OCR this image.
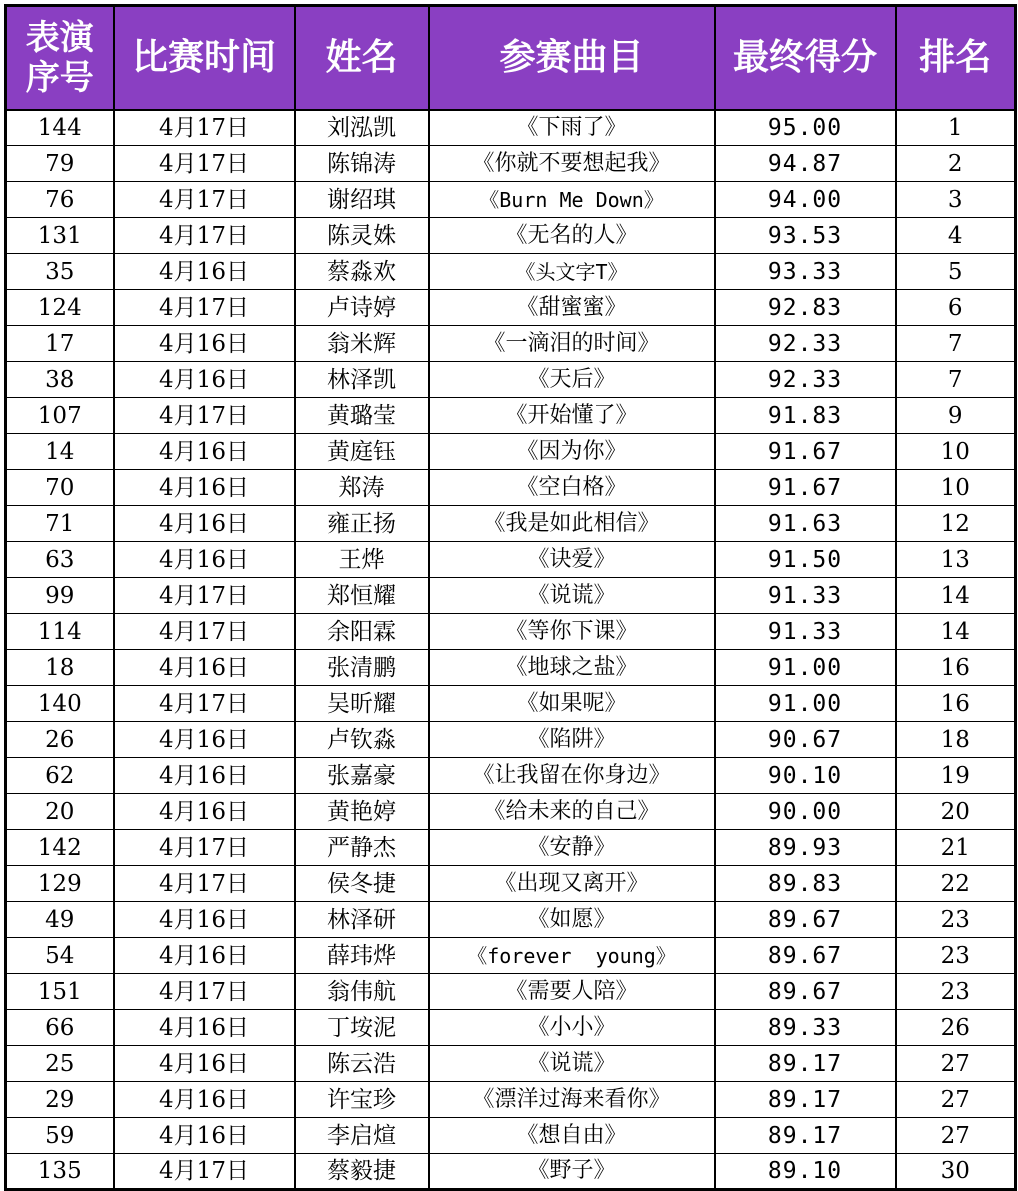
表演
序号	比赛时间	姓名	参赛曲目	最终得分	排名
144	4月17日	刘泓凯	《下雨了》	95.00	1
79	4月17日	陈锦涛	《你就不要想起我》	94.87	2
76	4月17日	谢绍琪	《Burn Me Down》	94.00	3
131	4月17日	陈灵姝	《无名的人》	93.53	4
35	4月16日	蔡淼欢	《头文字T》	93.33	5
124	4月17日	卢诗婷	《甜蜜蜜》	92.83	6
17	4月16日	翁米辉	《一滴泪的时间》	92.33	7
38	4月16日	林泽凯	《天后》	92.33	7
107	4月17日	黄璐莹	《开始懂了》	91.83	9
14	4月16日	黄庭钰	《因为你》	91.67	10
70	4月16日	郑涛	《空白格》	91.67	10
71	4月16日	雍正扬	《我是如此相信》	91.63	12
63	4月16日	王烨	《诀爱》	91.50	13
99	4月17日	郑恒耀	《说谎》	91.33	14
114	4月17日	余阳霖	《等你下课》	91.33	14
18	4月16日	张清鹏	《地球之盐》	91.00	16
140	4月17日	吴昕耀	《如果呢》	91.00	16
26	4月16日	卢钦淼	《陷阱》	90.67	18
62	4月16日	张嘉豪	《让我留在你身边》	90.10	19
20	4月16日	黄艳婷	《给未来的自己》	90.00	20
142	4月17日	严静杰	《安静》	89.93	21
129	4月17日	侯冬捷	《出现又离开》	89.83	22
49	4月16日	林泽研	《如愿》	89.67	23
54	4月16日	薛玮烨	《forever  young》	89.67	23
151	4月17日	翁伟航	《需要人陪》	89.67	23
66	4月16日	丁垵泥	《小小》	89.33	26
25	4月16日	陈云浩	《说谎》	89.17	27
29	4月16日	许宝珍	《漂洋过海来看你》	89.17	27
59	4月16日	李启煊	《想自由》	89.17	27
135	4月17日	蔡毅捷	《野子》	89.10	30
